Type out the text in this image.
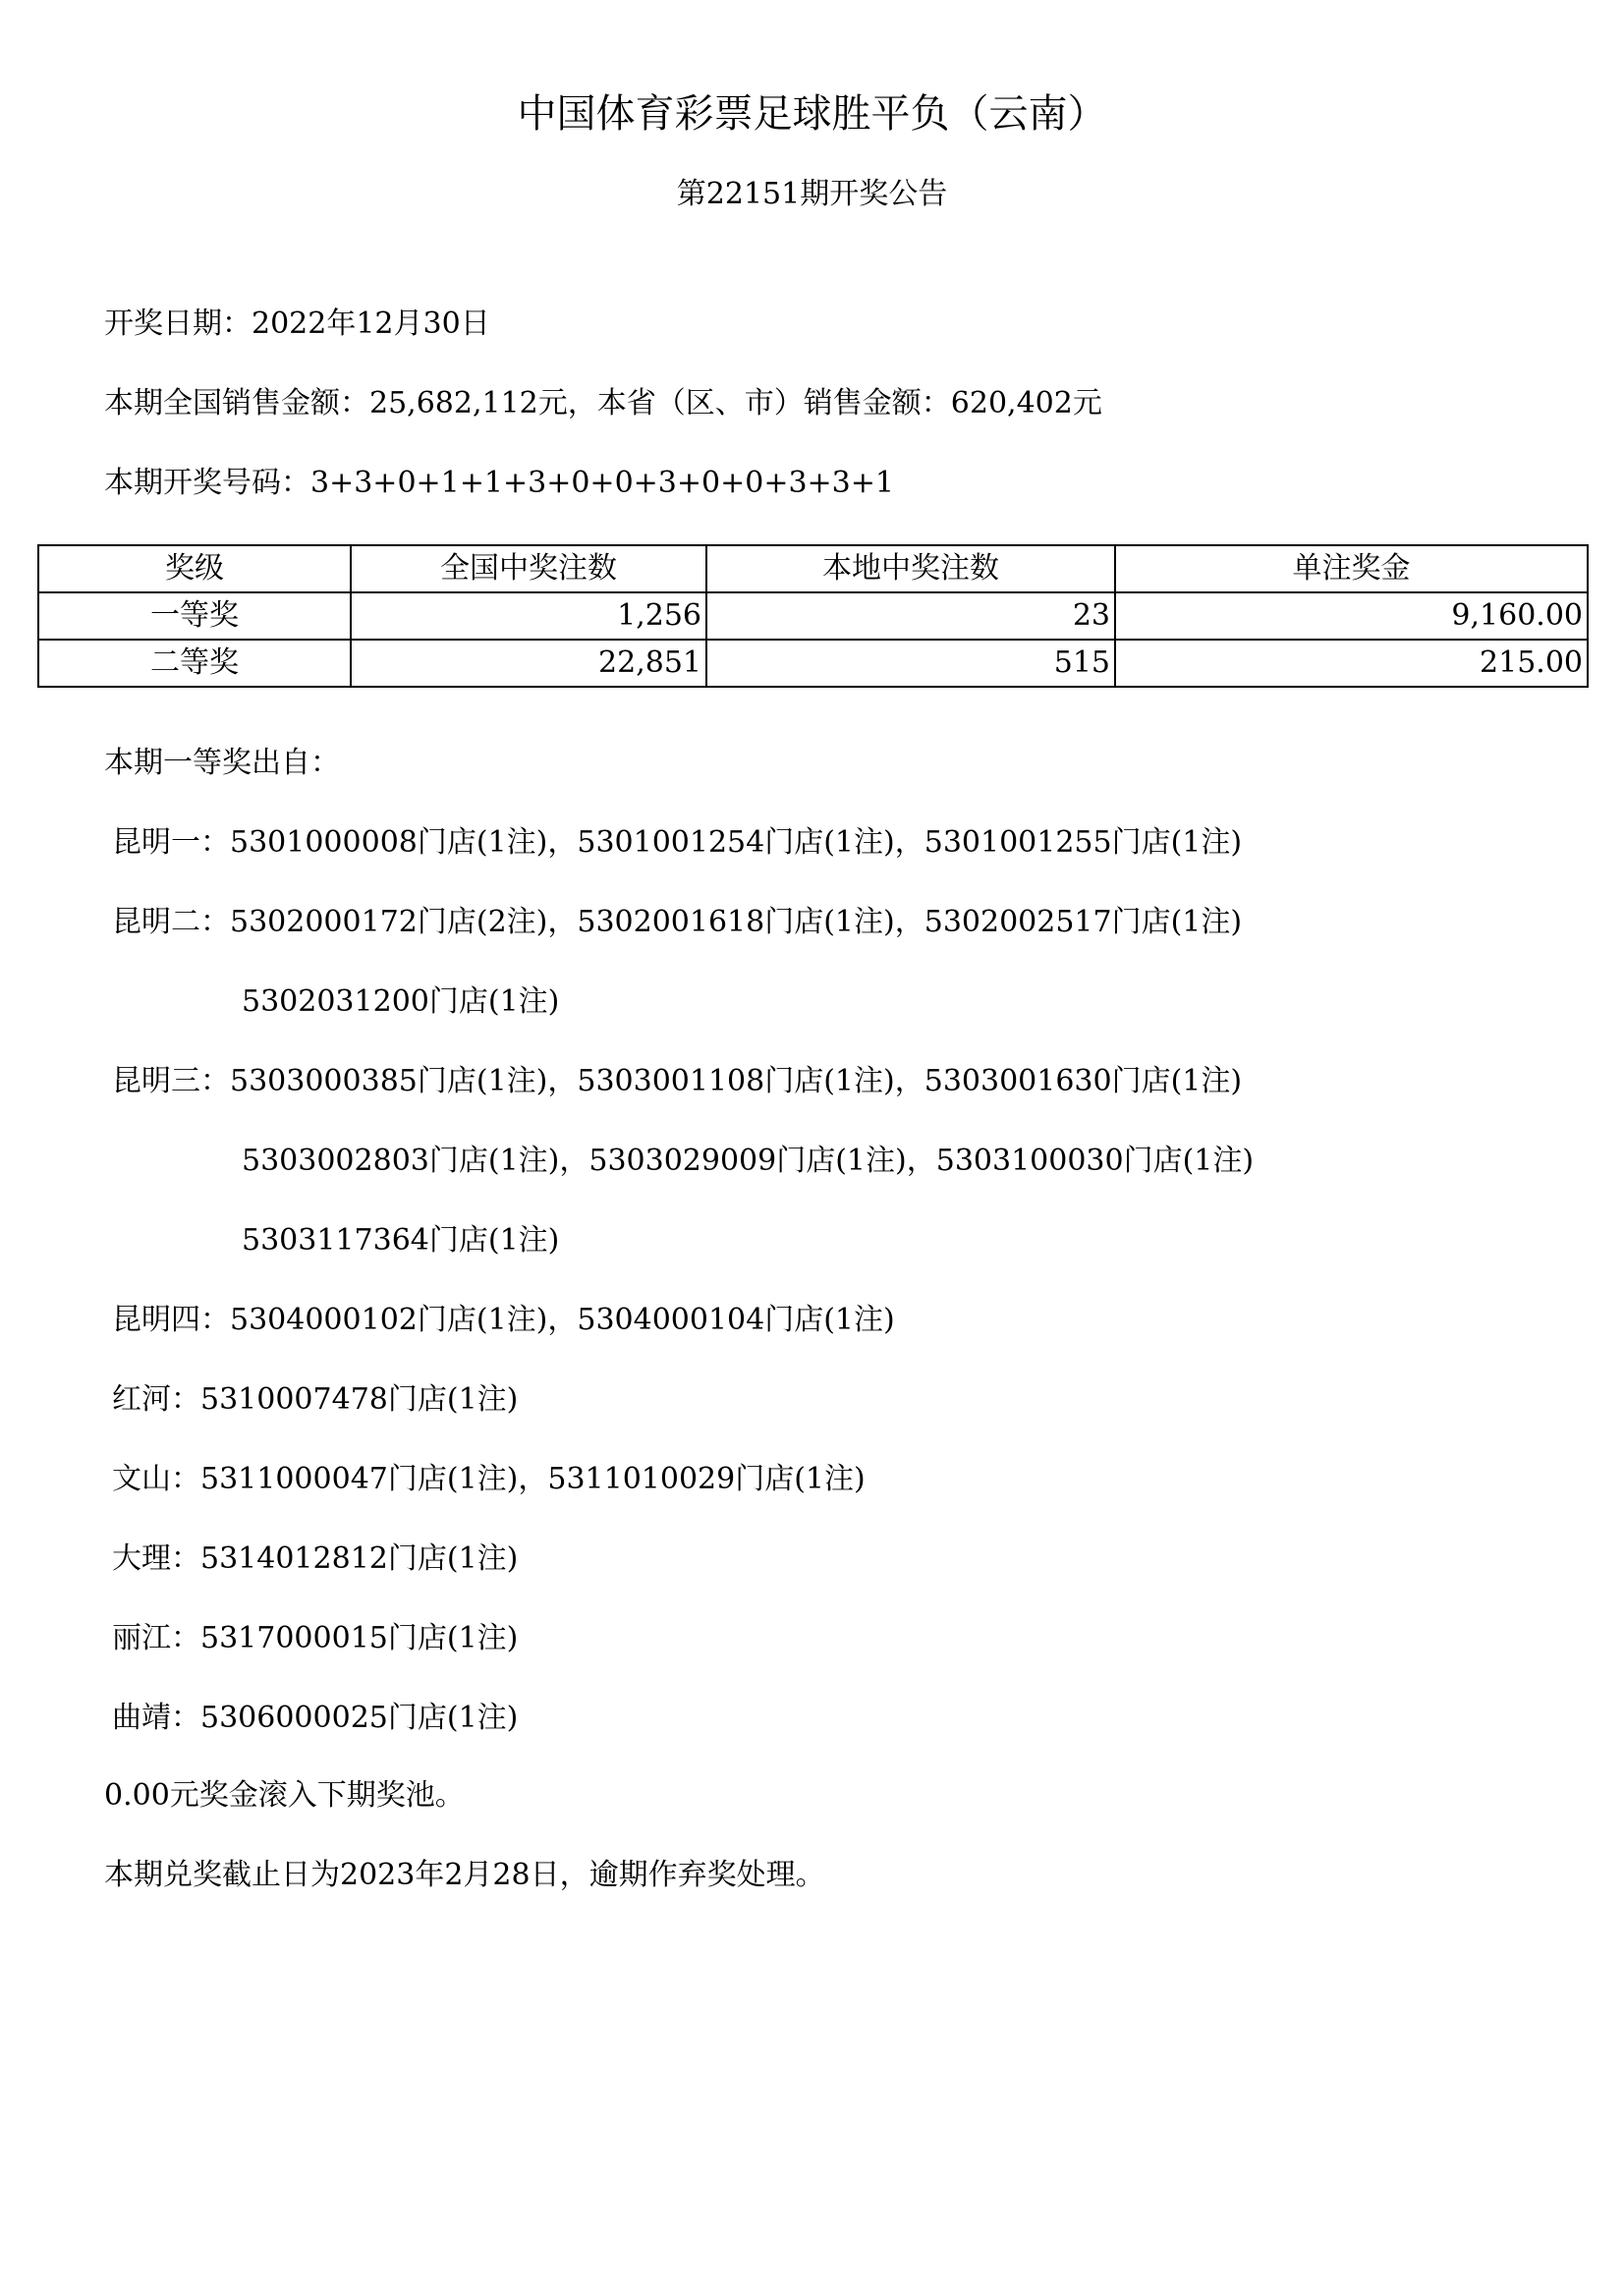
中国体育彩票足球胜平负（云南）
第22151期开奖公告
开奖日期：2022年12月30日
本期全国销售金额：25,682,112元，本省（区、市）销售金额：620,402元
本期开奖号码：3+3+0+1+1+3+0+0+3+0+0+3+3+1
奖级	全国中奖注数	本地中奖注数	单注奖金
一等奖	1,256	23	9,160.00
二等奖	22,851	515	215.00
本期一等奖出自：
昆明一：5301000008门店(1注)，5301001254门店(1注)，5301001255门店(1注)
昆明二：5302000172门店(2注)，5302001618门店(1注)，5302002517门店(1注)
5302031200门店(1注)
昆明三：5303000385门店(1注)，5303001108门店(1注)，5303001630门店(1注)
5303002803门店(1注)，5303029009门店(1注)，5303100030门店(1注)
5303117364门店(1注)
昆明四：5304000102门店(1注)，5304000104门店(1注)
红河：5310007478门店(1注)
文山：5311000047门店(1注)，5311010029门店(1注)
大理：5314012812门店(1注)
丽江：5317000015门店(1注)
曲靖：5306000025门店(1注)
0.00元奖金滚入下期奖池。
本期兑奖截止日为2023年2月28日，逾期作弃奖处理。
